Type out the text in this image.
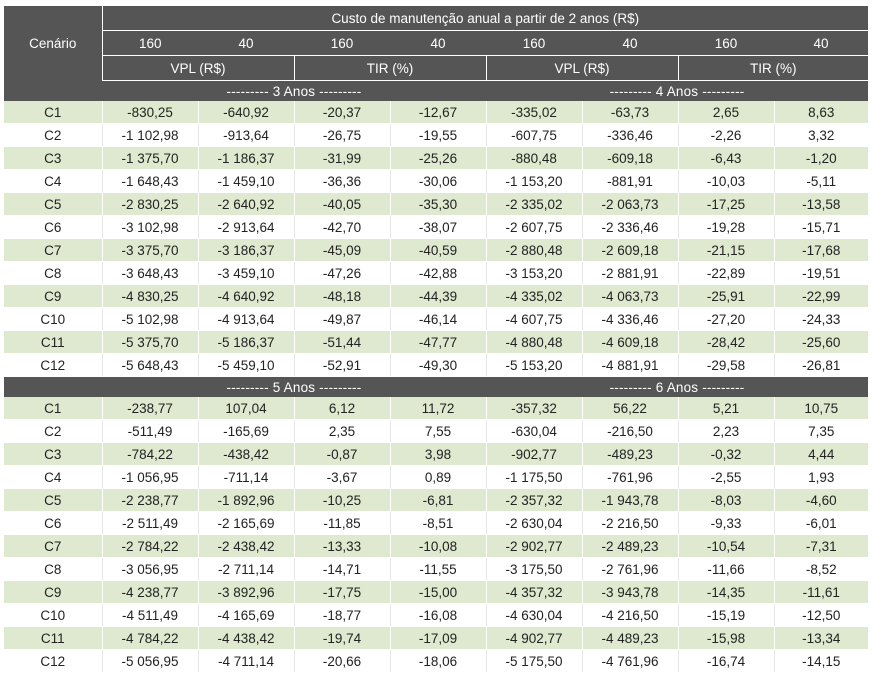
Cenário	Custo de manutenção anual a partir de 2 anos (R$)							
	160	40	160	40	160	40	160	40
	VPL (R$)		TIR (%)		VPL (R$)		TIR (%)	
	--------- 3 Anos ---------				--------- 4 Anos ---------			
C1	-830,25	-640,92	-20,37	-12,67	-335,02	-63,73	2,65	8,63
C2	-1 102,98	-913,64	-26,75	-19,55	-607,75	-336,46	-2,26	3,32
C3	-1 375,70	-1 186,37	-31,99	-25,26	-880,48	-609,18	-6,43	-1,20
C4	-1 648,43	-1 459,10	-36,36	-30,06	-1 153,20	-881,91	-10,03	-5,11
C5	-2 830,25	-2 640,92	-40,05	-35,30	-2 335,02	-2 063,73	-17,25	-13,58
C6	-3 102,98	-2 913,64	-42,70	-38,07	-2 607,75	-2 336,46	-19,28	-15,71
C7	-3 375,70	-3 186,37	-45,09	-40,59	-2 880,48	-2 609,18	-21,15	-17,68
C8	-3 648,43	-3 459,10	-47,26	-42,88	-3 153,20	-2 881,91	-22,89	-19,51
C9	-4 830,25	-4 640,92	-48,18	-44,39	-4 335,02	-4 063,73	-25,91	-22,99
C10	-5 102,98	-4 913,64	-49,87	-46,14	-4 607,75	-4 336,46	-27,20	-24,33
C11	-5 375,70	-5 186,37	-51,44	-47,77	-4 880,48	-4 609,18	-28,42	-25,60
C12	-5 648,43	-5 459,10	-52,91	-49,30	-5 153,20	-4 881,91	-29,58	-26,81
	--------- 5 Anos ---------				--------- 6 Anos ---------			
C1	-238,77	107,04	6,12	11,72	-357,32	56,22	5,21	10,75
C2	-511,49	-165,69	2,35	7,55	-630,04	-216,50	2,23	7,35
C3	-784,22	-438,42	-0,87	3,98	-902,77	-489,23	-0,32	4,44
C4	-1 056,95	-711,14	-3,67	0,89	-1 175,50	-761,96	-2,55	1,93
C5	-2 238,77	-1 892,96	-10,25	-6,81	-2 357,32	-1 943,78	-8,03	-4,60
C6	-2 511,49	-2 165,69	-11,85	-8,51	-2 630,04	-2 216,50	-9,33	-6,01
C7	-2 784,22	-2 438,42	-13,33	-10,08	-2 902,77	-2 489,23	-10,54	-7,31
C8	-3 056,95	-2 711,14	-14,71	-11,55	-3 175,50	-2 761,96	-11,66	-8,52
C9	-4 238,77	-3 892,96	-17,75	-15,00	-4 357,32	-3 943,78	-14,35	-11,61
C10	-4 511,49	-4 165,69	-18,77	-16,08	-4 630,04	-4 216,50	-15,19	-12,50
C11	-4 784,22	-4 438,42	-19,74	-17,09	-4 902,77	-4 489,23	-15,98	-13,34
C12	-5 056,95	-4 711,14	-20,66	-18,06	-5 175,50	-4 761,96	-16,74	-14,15
